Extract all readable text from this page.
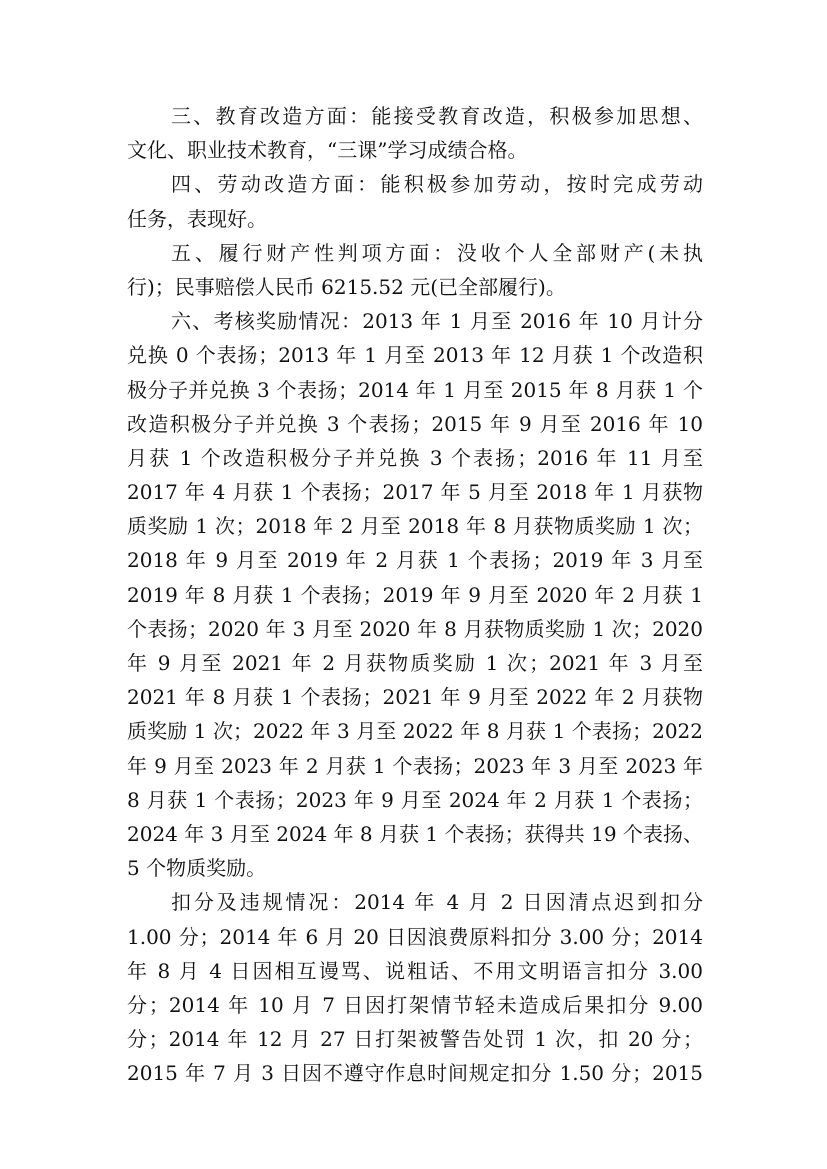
三、教育改造方面：能接受教育改造，积极参加思想、
文化、职业技术教育，“三课”学习成绩合格。
四、劳动改造方面：能积极参加劳动，按时完成劳动
任务，表现好。
五、履行财产性判项方面：没收个人全部财产(未执
行)；民事赔偿人民币 6215.52 元(已全部履行)。
六、考核奖励情况：2013 年 1 月至 2016 年 10 月计分
兑换 0 个表扬；2013 年 1 月至 2013 年 12 月获 1 个改造积
极分子并兑换 3 个表扬；2014 年 1 月至 2015 年 8 月获 1 个
改造积极分子并兑换 3 个表扬；2015 年 9 月至 2016 年 10
月获 1 个改造积极分子并兑换 3 个表扬；2016 年 11 月至
2017 年 4 月获 1 个表扬；2017 年 5 月至 2018 年 1 月获物
质奖励 1 次；2018 年 2 月至 2018 年 8 月获物质奖励 1 次；
2018 年 9 月至 2019 年 2 月获 1 个表扬；2019 年 3 月至
2019 年 8 月获 1 个表扬；2019 年 9 月至 2020 年 2 月获 1
个表扬；2020 年 3 月至 2020 年 8 月获物质奖励 1 次；2020
年 9 月至 2021 年 2 月获物质奖励 1 次；2021 年 3 月至
2021 年 8 月获 1 个表扬；2021 年 9 月至 2022 年 2 月获物
质奖励 1 次；2022 年 3 月至 2022 年 8 月获 1 个表扬；2022
年 9 月至 2023 年 2 月获 1 个表扬；2023 年 3 月至 2023 年
8 月获 1 个表扬；2023 年 9 月至 2024 年 2 月获 1 个表扬；
2024 年 3 月至 2024 年 8 月获 1 个表扬；获得共 19 个表扬、
5 个物质奖励。
扣分及违规情况：2014 年 4 月 2 日因清点迟到扣分
1.00 分；2014 年 6 月 20 日因浪费原料扣分 3.00 分；2014
年 8 月 4 日因相互谩骂、说粗话、不用文明语言扣分 3.00
分；2014 年 10 月 7 日因打架情节轻未造成后果扣分 9.00
分；2014 年 12 月 27 日打架被警告处罚 1 次，扣 20 分；
2015 年 7 月 3 日因不遵守作息时间规定扣分 1.50 分；2015
